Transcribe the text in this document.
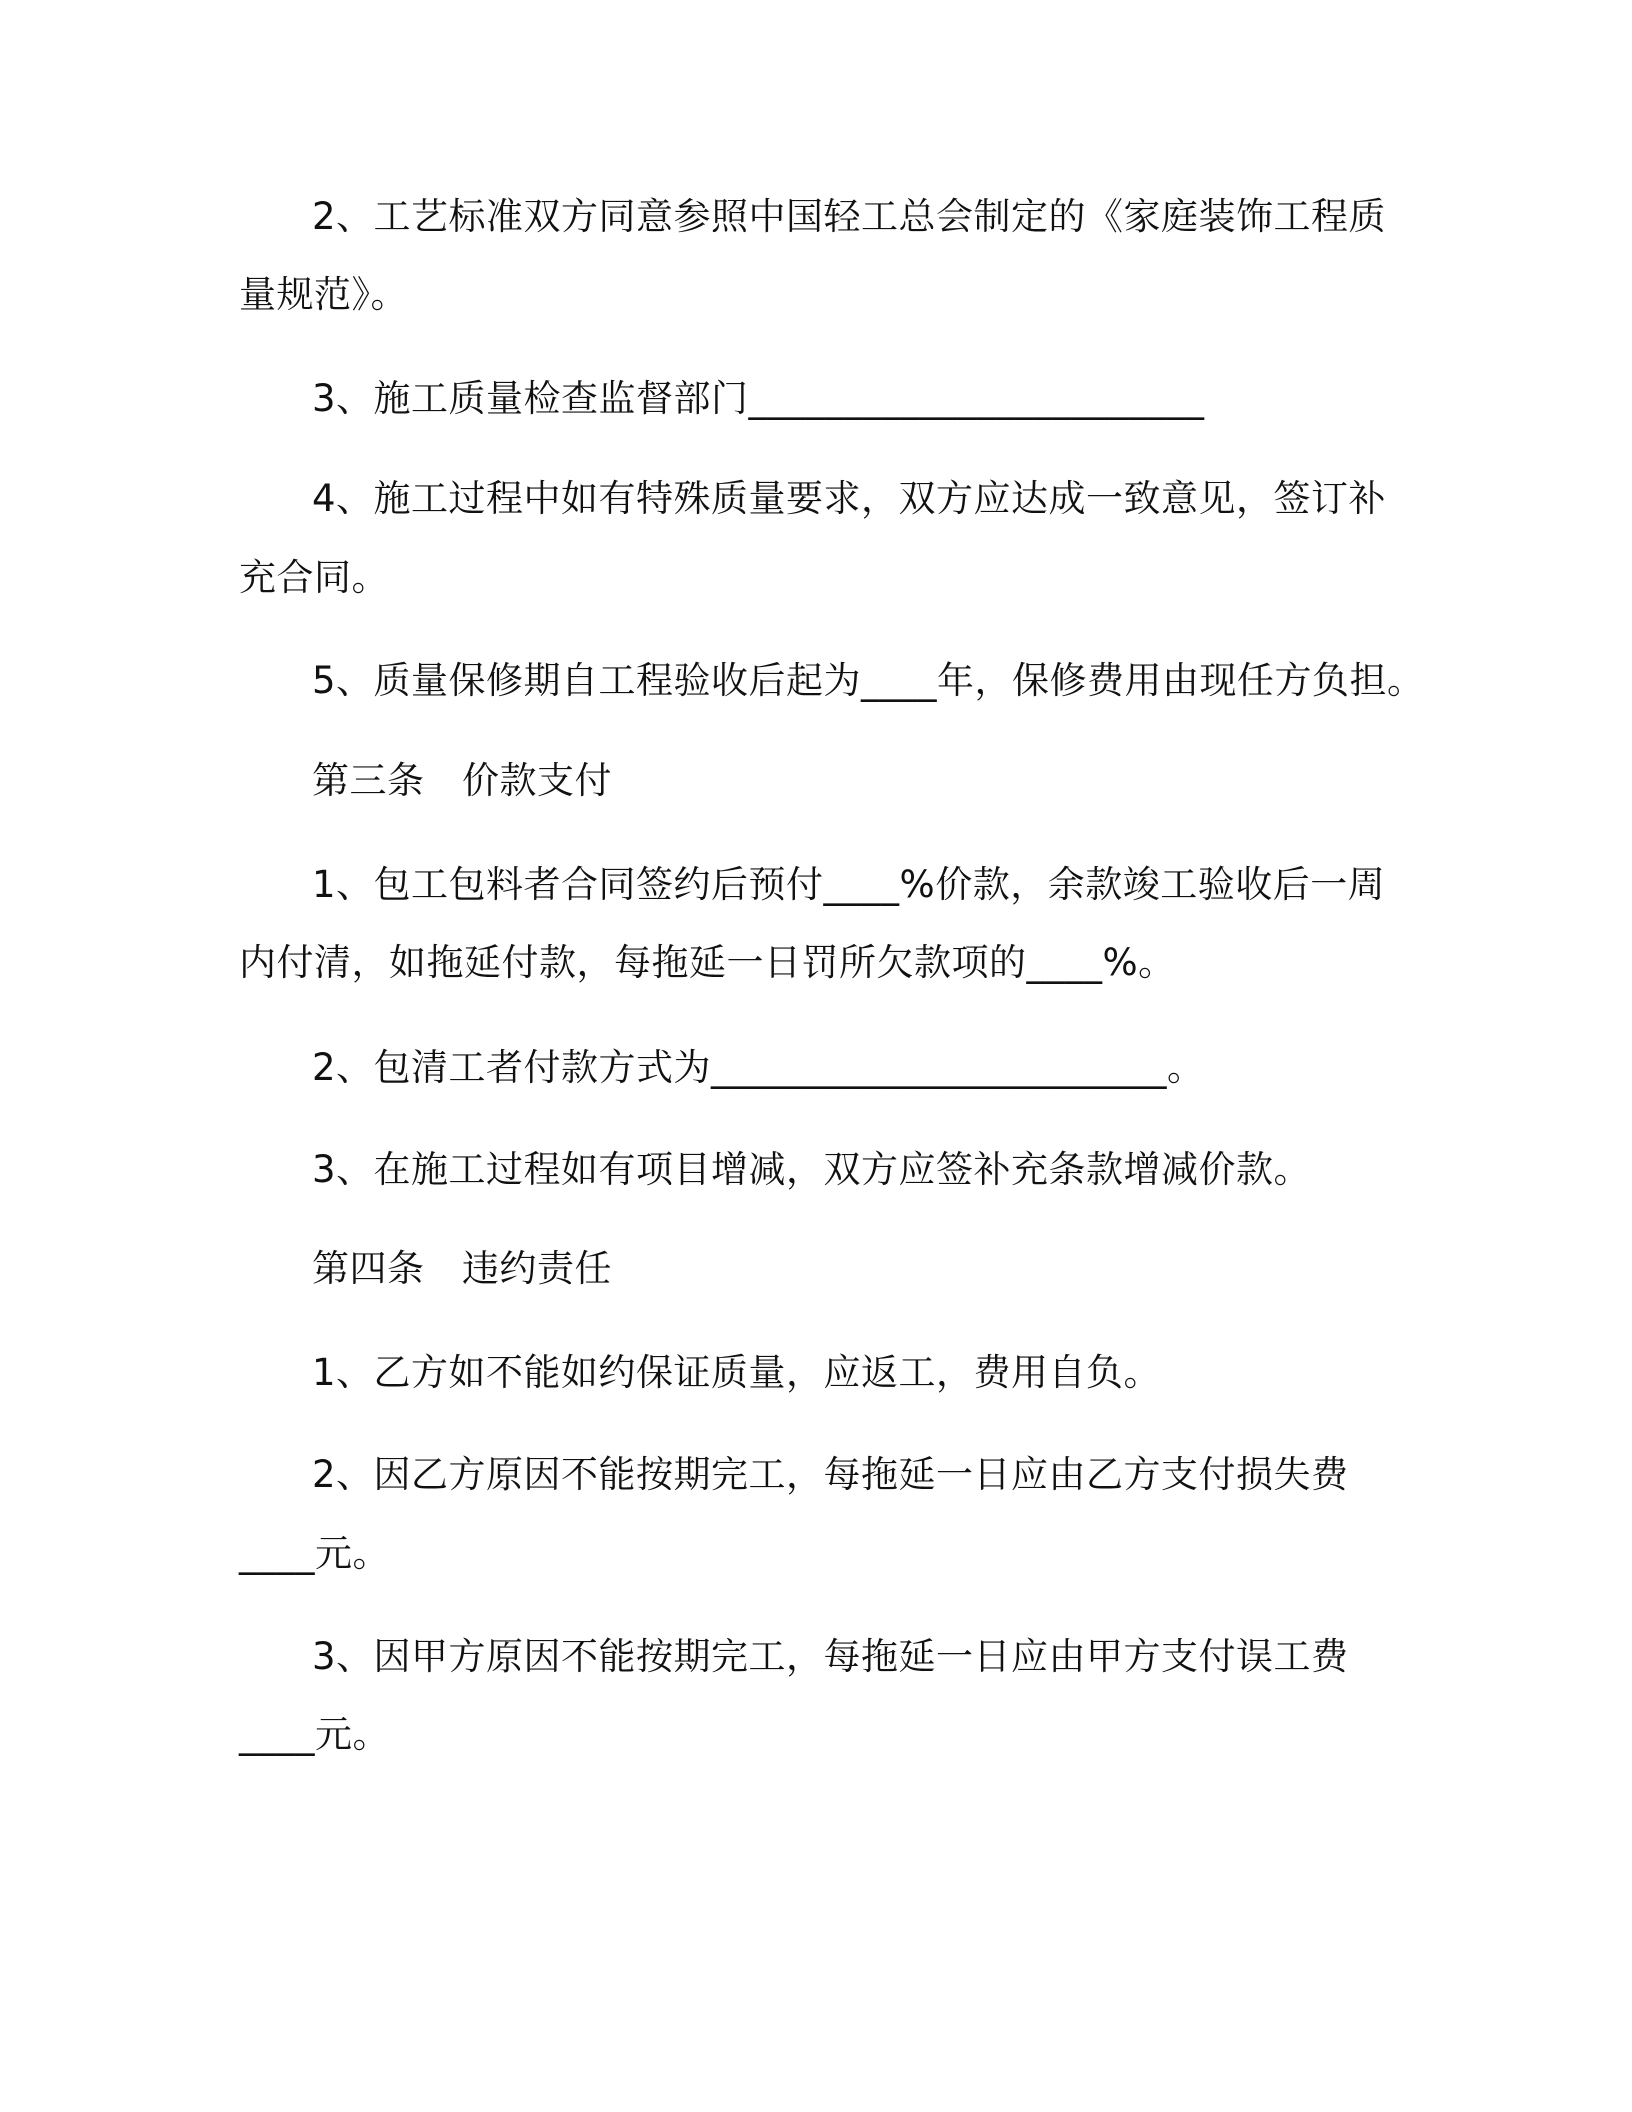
2、工艺标准双方同意参照中国轻工总会制定的《家庭装饰工程质
量规范》。
3、施工质量检查监督部门________________________
4、施工过程中如有特殊质量要求，双方应达成一致意见，签订补
充合同。
5、质量保修期自工程验收后起为____年，保修费用由现任方负担。
第三条　价款支付
1、包工包料者合同签约后预付____%价款，余款竣工验收后一周
内付清，如拖延付款，每拖延一日罚所欠款项的____%。
2、包清工者付款方式为________________________。
3、在施工过程如有项目增减，双方应签补充条款增减价款。
第四条　违约责任
1、乙方如不能如约保证质量，应返工，费用自负。
2、因乙方原因不能按期完工，每拖延一日应由乙方支付损失费
____元。
3、因甲方原因不能按期完工，每拖延一日应由甲方支付误工费
____元。
